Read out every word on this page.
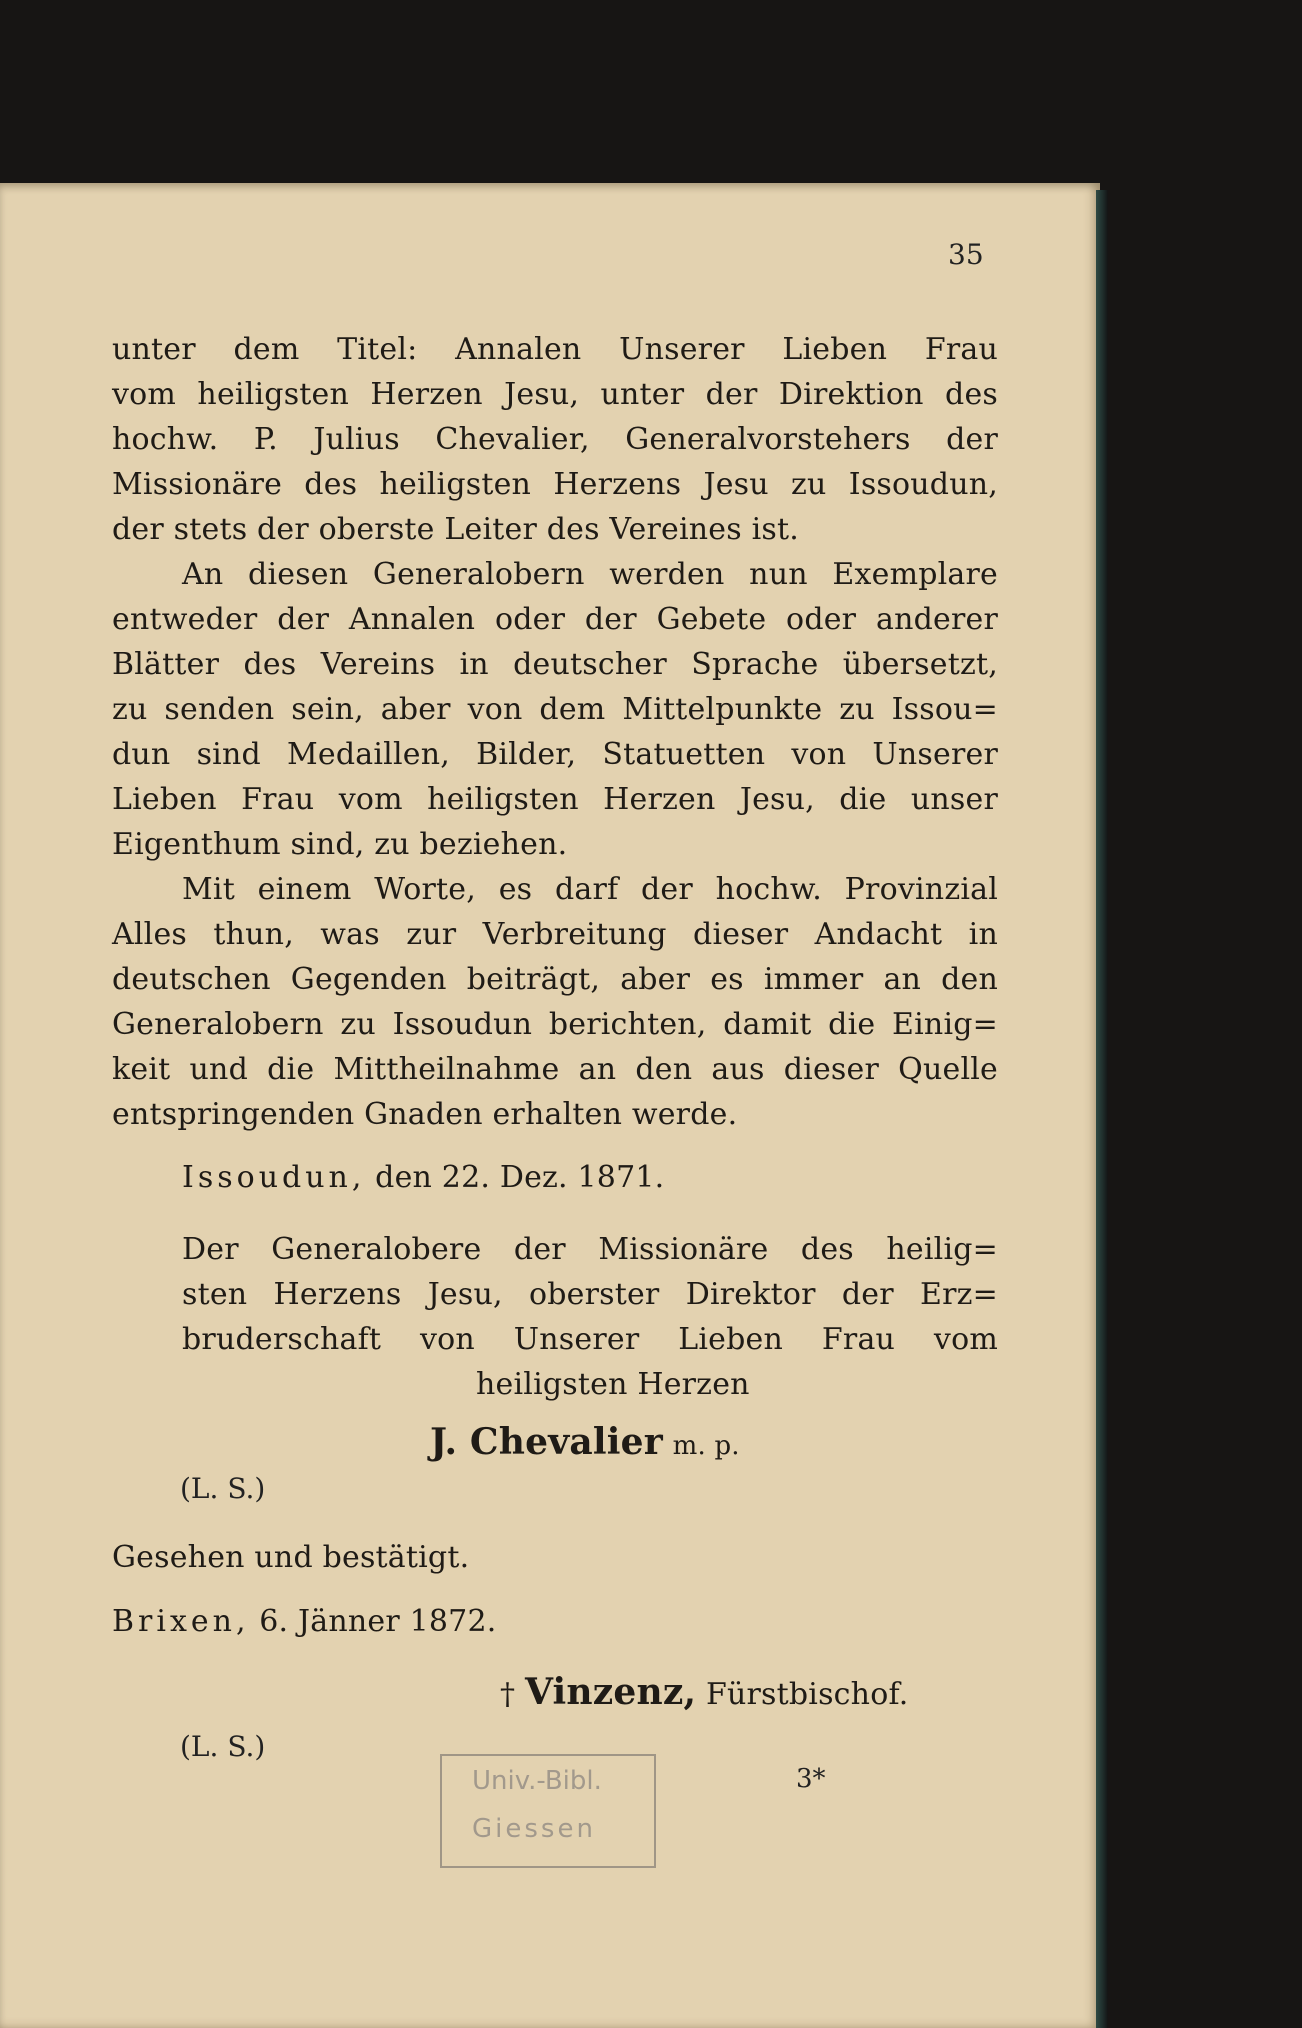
35
unter dem Titel: Annalen Unserer Lieben Frau
vom heiligsten Herzen Jesu, unter der Direktion des
hochw. P. Julius Chevalier, Generalvorstehers der
Missionäre des heiligsten Herzens Jesu zu Issoudun,
der stets der oberste Leiter des Vereines ist.
An diesen Generalobern werden nun Exemplare
entweder der Annalen oder der Gebete oder anderer
Blätter des Vereins in deutscher Sprache übersetzt,
zu senden sein, aber von dem Mittelpunkte zu Issou=
dun sind Medaillen, Bilder, Statuetten von Unserer
Lieben Frau vom heiligsten Herzen Jesu, die unser
Eigenthum sind, zu beziehen.
Mit einem Worte, es darf der hochw. Provinzial
Alles thun, was zur Verbreitung dieser Andacht in
deutschen Gegenden beiträgt, aber es immer an den
Generalobern zu Issoudun berichten, damit die Einig=
keit und die Mittheilnahme an den aus dieser Quelle
entspringenden Gnaden erhalten werde.
Issoudun, den 22. Dez. 1871.
Der Generalobere der Missionäre des heilig=
sten Herzens Jesu, oberster Direktor der Erz=
bruderschaft von Unserer Lieben Frau vom
heiligsten Herzen
J. Chevalier m. p.
(L. S.)
Gesehen und bestätigt.
Brixen, 6. Jänner 1872.
† Vinzenz, Fürstbischof.
(L. S.)
Univ.-Bibl.
Giessen
3*
